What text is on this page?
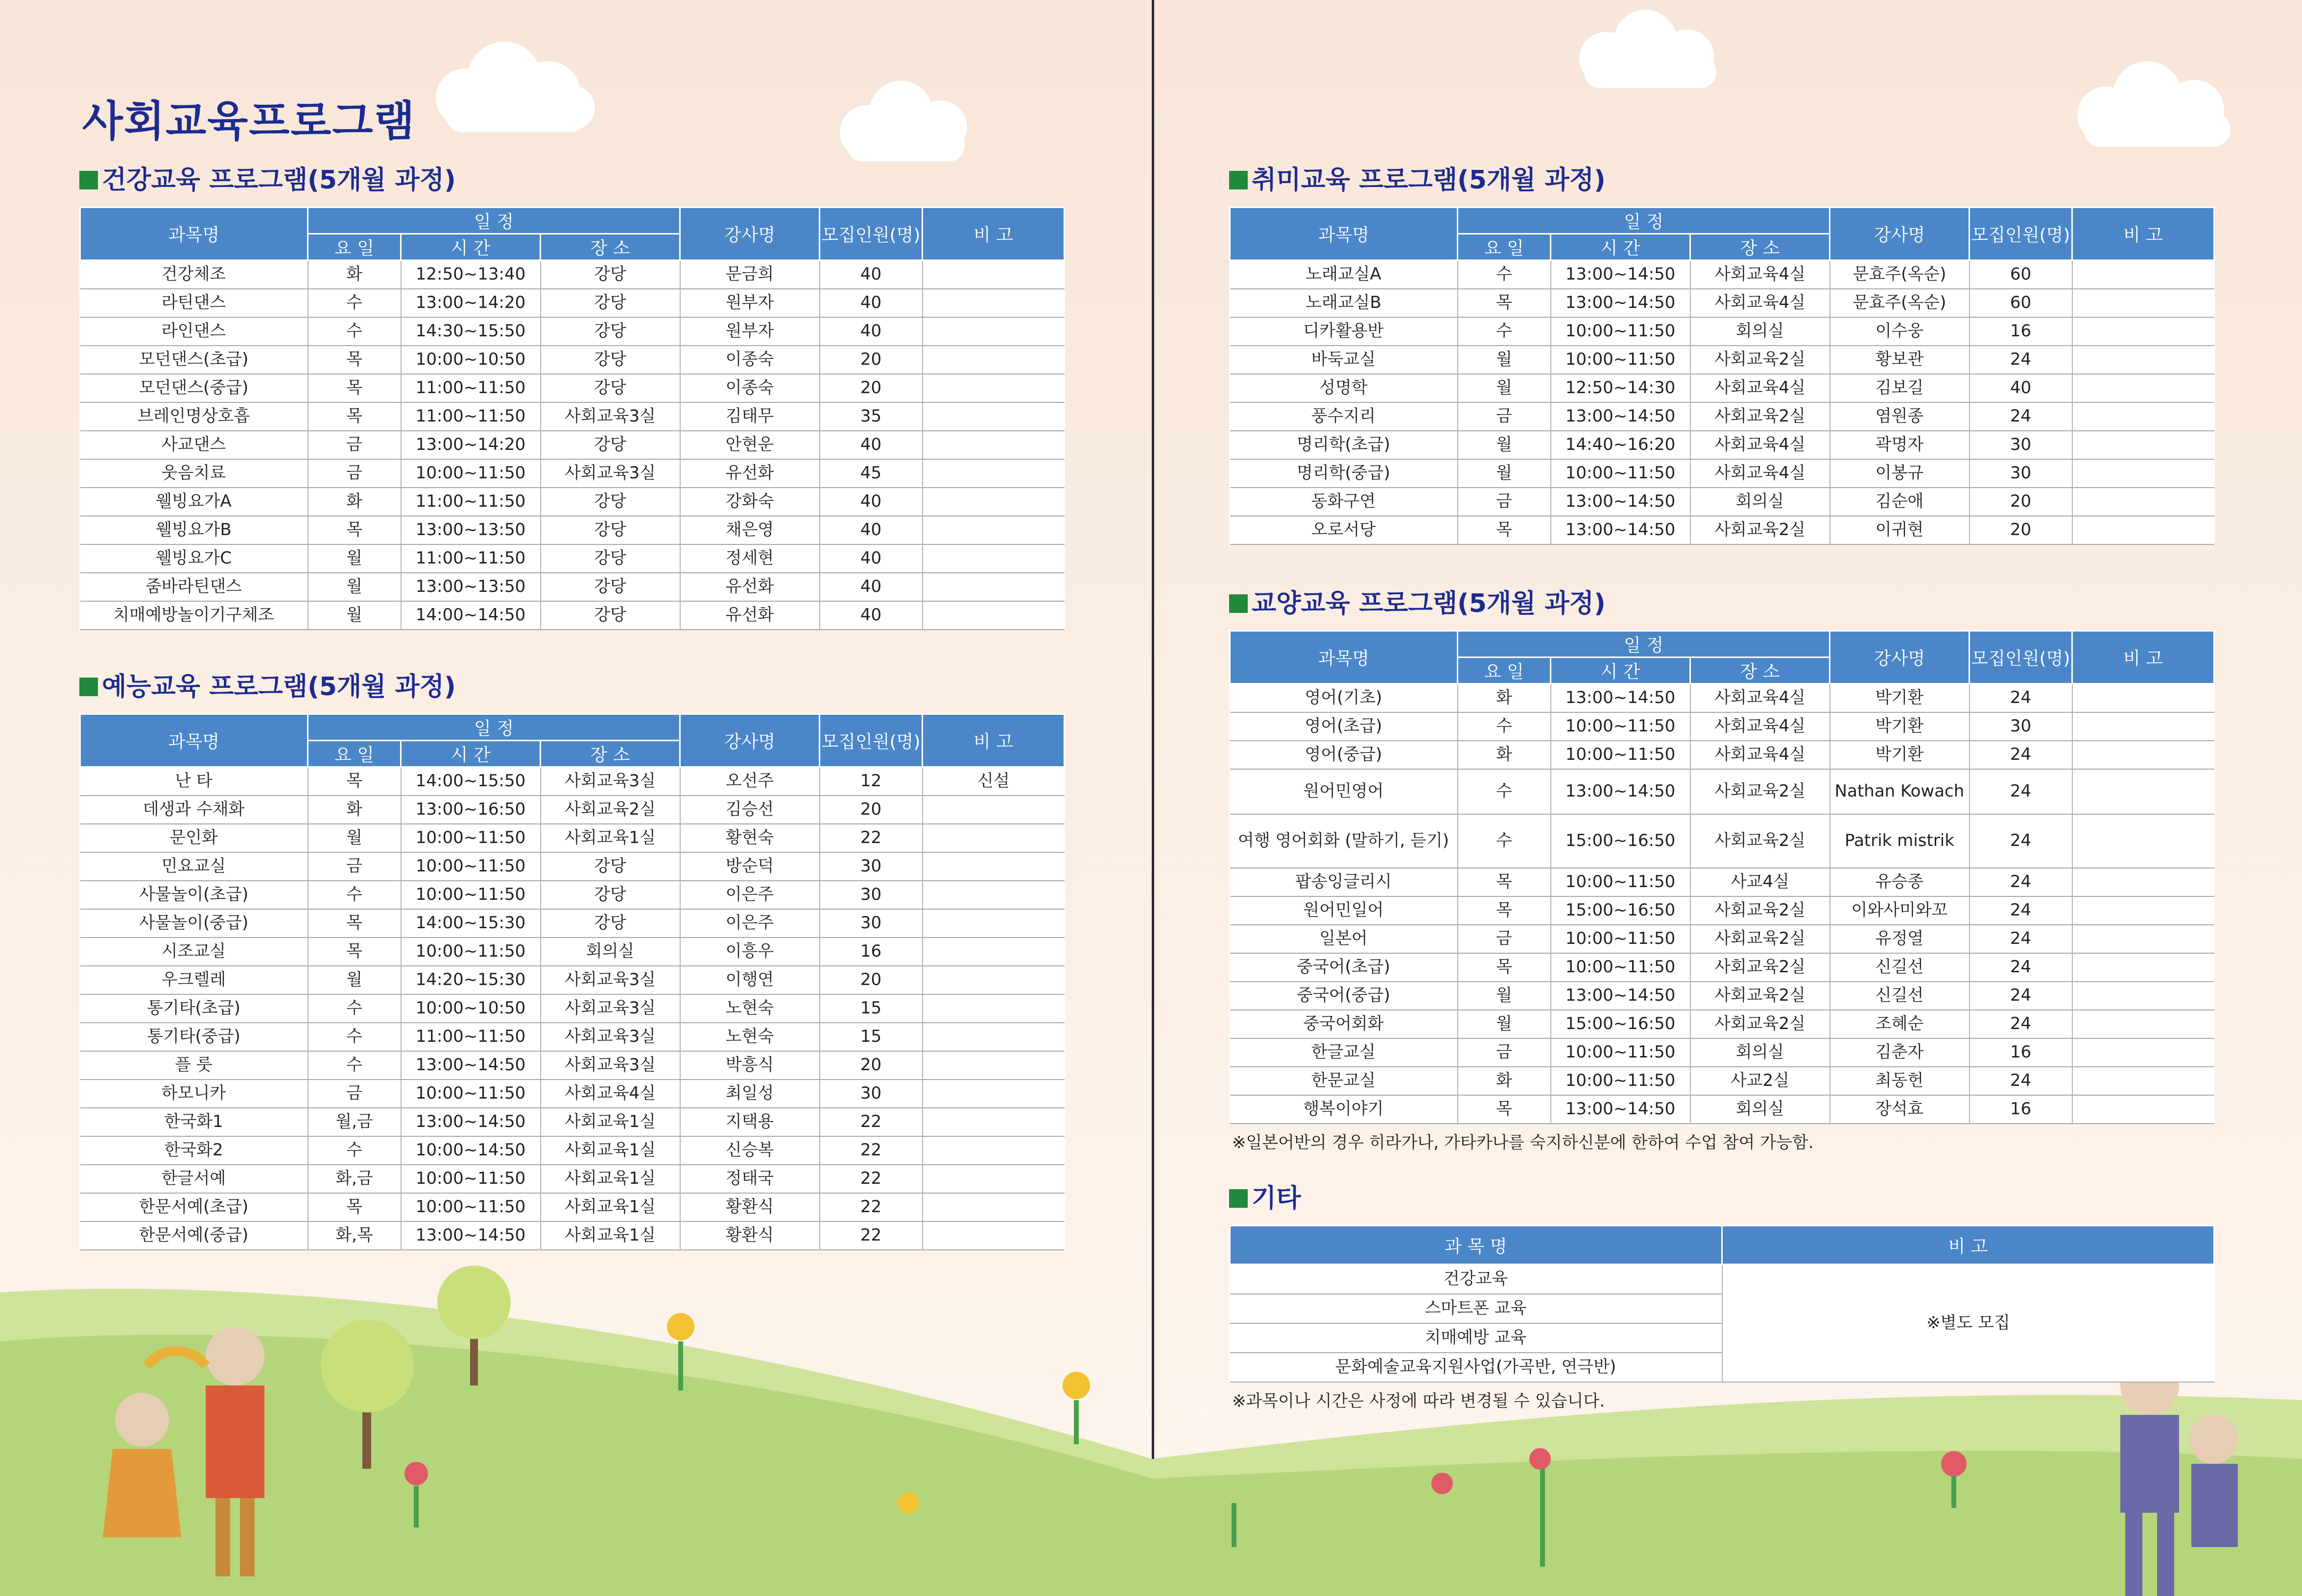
사회교육프로그램
건강교육 프로그램(5개월 과정)
과목명	일 정			강사명	모집인원(명)	비 고
	요 일	시 간	장 소			
건강체조	화	12:50~13:40	강당	문금희	40	
라틴댄스	수	13:00~14:20	강당	원부자	40	
라인댄스	수	14:30~15:50	강당	원부자	40	
모던댄스(초급)	목	10:00~10:50	강당	이종숙	20	
모던댄스(중급)	목	11:00~11:50	강당	이종숙	20	
브레인명상호흡	목	11:00~11:50	사회교육3실	김태무	35	
사교댄스	금	13:00~14:20	강당	안현운	40	
웃음치료	금	10:00~11:50	사회교육3실	유선화	45	
웰빙요가A	화	11:00~11:50	강당	강화숙	40	
웰빙요가B	목	13:00~13:50	강당	채은영	40	
웰빙요가C	월	11:00~11:50	강당	정세현	40	
줌바라틴댄스	월	13:00~13:50	강당	유선화	40	
치매예방놀이기구체조	월	14:00~14:50	강당	유선화	40	
예능교육 프로그램(5개월 과정)
과목명	일 정			강사명	모집인원(명)	비 고
	요 일	시 간	장 소			
난 타	목	14:00~15:50	사회교육3실	오선주	12	신설
데생과 수채화	화	13:00~16:50	사회교육2실	김승선	20	
문인화	월	10:00~11:50	사회교육1실	황현숙	22	
민요교실	금	10:00~11:50	강당	방순덕	30	
사물놀이(초급)	수	10:00~11:50	강당	이은주	30	
사물놀이(중급)	목	14:00~15:30	강당	이은주	30	
시조교실	목	10:00~11:50	회의실	이흥우	16	
우크렐레	월	14:20~15:30	사회교육3실	이행연	20	
통기타(초급)	수	10:00~10:50	사회교육3실	노현숙	15	
통기타(중급)	수	11:00~11:50	사회교육3실	노현숙	15	
플 룻	수	13:00~14:50	사회교육3실	박흥식	20	
하모니카	금	10:00~11:50	사회교육4실	최일성	30	
한국화1	월,금	13:00~14:50	사회교육1실	지택용	22	
한국화2	수	10:00~14:50	사회교육1실	신승복	22	
한글서예	화,금	10:00~11:50	사회교육1실	정태국	22	
한문서예(초급)	목	10:00~11:50	사회교육1실	황환식	22	
한문서예(중급)	화,목	13:00~14:50	사회교육1실	황환식	22	
취미교육 프로그램(5개월 과정)
과목명	일 정			강사명	모집인원(명)	비 고
	요 일	시 간	장 소			
노래교실A	수	13:00~14:50	사회교육4실	문효주(옥순)	60	
노래교실B	목	13:00~14:50	사회교육4실	문효주(옥순)	60	
디카활용반	수	10:00~11:50	회의실	이수웅	16	
바둑교실	월	10:00~11:50	사회교육2실	황보관	24	
성명학	월	12:50~14:30	사회교육4실	김보길	40	
풍수지리	금	13:00~14:50	사회교육2실	염원종	24	
명리학(초급)	월	14:40~16:20	사회교육4실	곽명자	30	
명리학(중급)	월	10:00~11:50	사회교육4실	이봉규	30	
동화구연	금	13:00~14:50	회의실	김순애	20	
오로서당	목	13:00~14:50	사회교육2실	이귀현	20	
교양교육 프로그램(5개월 과정)
과목명	일 정			강사명	모집인원(명)	비 고
	요 일	시 간	장 소			
영어(기초)	화	13:00~14:50	사회교육4실	박기환	24	
영어(초급)	수	10:00~11:50	사회교육4실	박기환	30	
영어(중급)	화	10:00~11:50	사회교육4실	박기환	24	
원어민영어	수	13:00~14:50	사회교육2실	Nathan Kowach	24	
여행 영어회화 (말하기, 듣기)	수	15:00~16:50	사회교육2실	Patrik mistrik	24	
팝송잉글리시	목	10:00~11:50	사교4실	유승종	24	
원어민일어	목	15:00~16:50	사회교육2실	이와사미와꼬	24	
일본어	금	10:00~11:50	사회교육2실	유정열	24	
중국어(초급)	목	10:00~11:50	사회교육2실	신길선	24	
중국어(중급)	월	13:00~14:50	사회교육2실	신길선	24	
중국어회화	월	15:00~16:50	사회교육2실	조혜순	24	
한글교실	금	10:00~11:50	회의실	김춘자	16	
한문교실	화	10:00~11:50	사교2실	최동헌	24	
행복이야기	목	13:00~14:50	회의실	장석효	16	

※일본어반의 경우 히라가나, 가타카나를 숙지하신분에 한하여 수업 참여 가능함.

기타
과 목 명	비 고
건강교육	※별도 모집
스마트폰 교육	
치매예방 교육	
문화예술교육지원사업(가곡반, 연극반)	

※과목이나 시간은 사정에 따라 변경될 수 있습니다.
